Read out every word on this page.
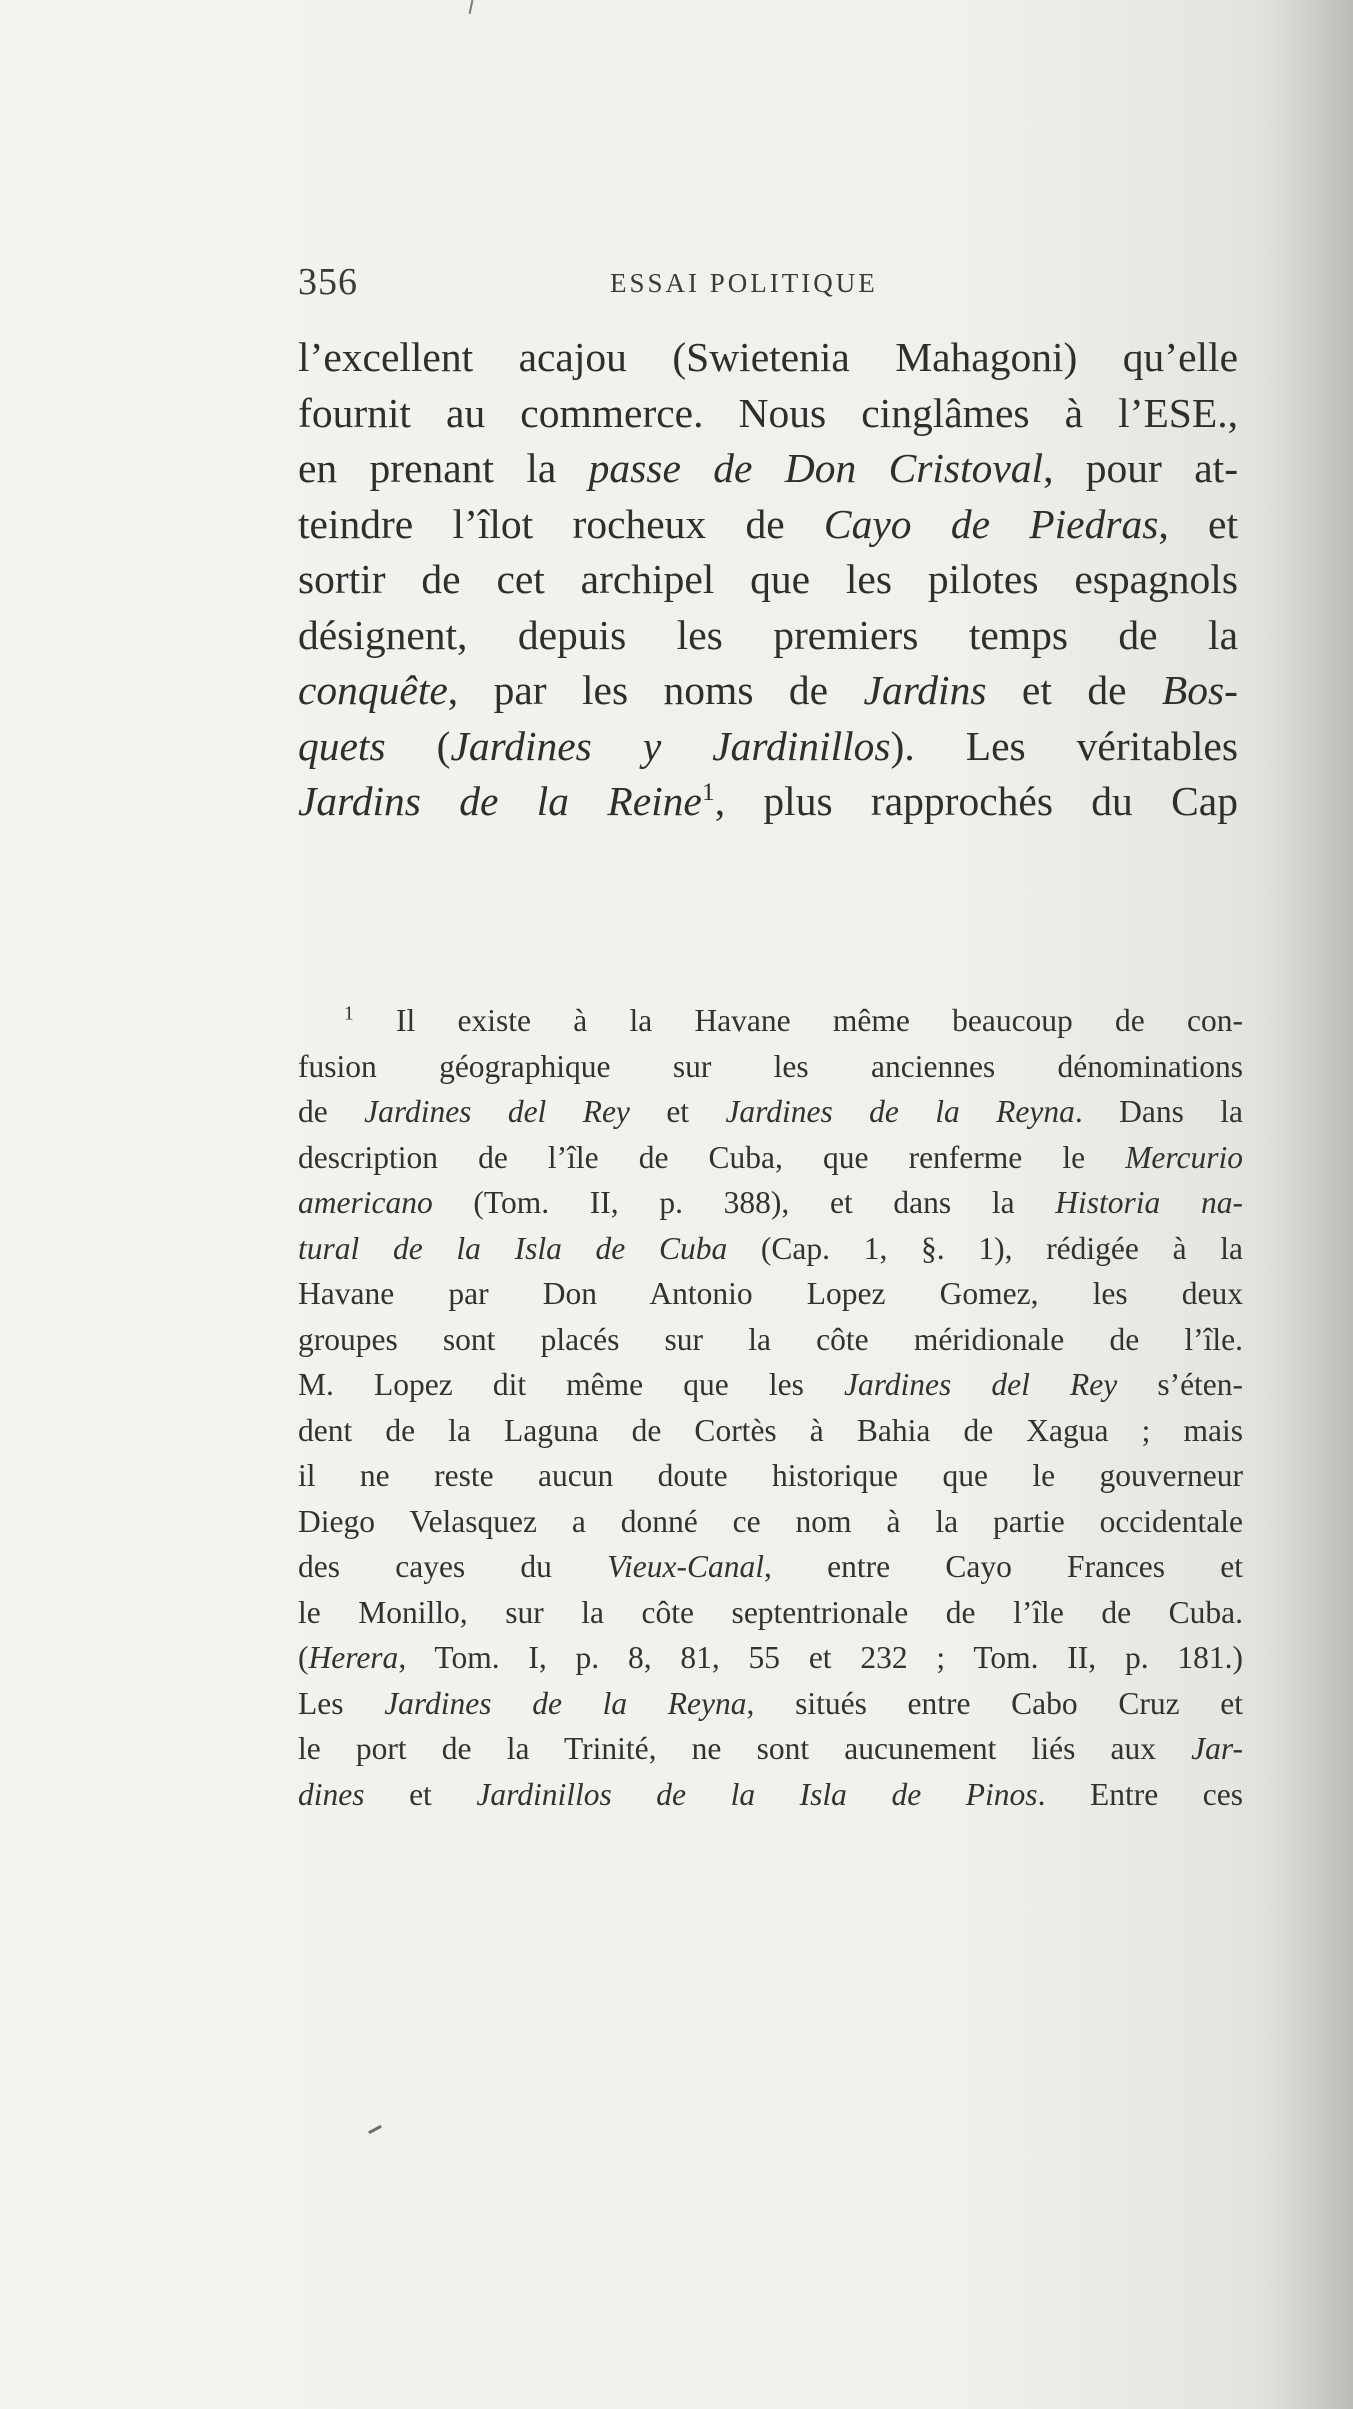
356	ESSAI POLITIQUE
l’excellent acajou (Swietenia Mahagoni) qu’elle
fournit au commerce. Nous cinglâmes à l’ESE.,
en prenant la passe de Don Cristoval, pour at-
teindre l’îlot rocheux de Cayo de Piedras, et
sortir de cet archipel que les pilotes espagnols
désignent, depuis les premiers temps de la
conquête, par les noms de Jardins et de Bos-
quets (Jardines y Jardinillos). Les véritables
Jardins de la Reine$^1$, plus rapprochés du Cap
$^1$ Il existe à la Havane même beaucoup de con-
fusion géographique sur les anciennes dénominations
de Jardines del Rey et Jardines de la Reyna. Dans la
description de l’île de Cuba, que renferme le Mercurio
americano (Tom. II, p. 388), et dans la Historia na-
tural de la Isla de Cuba (Cap. 1, §. 1), rédigée à la
Havane par Don Antonio Lopez Gomez, les deux
groupes sont placés sur la côte méridionale de l’île.
M. Lopez dit même que les Jardines del Rey s’éten-
dent de la Laguna de Cortès à Bahia de Xagua ; mais
il ne reste aucun doute historique que le gouverneur
Diego Velasquez a donné ce nom à la partie occidentale
des cayes du Vieux-Canal, entre Cayo Frances et
le Monillo, sur la côte septentrionale de l’île de Cuba.
(Herera, Tom. I, p. 8, 81, 55 et 232 ; Tom. II, p. 181.)
Les Jardines de la Reyna, situés entre Cabo Cruz et
le port de la Trinité, ne sont aucunement liés aux Jar-
dines et Jardinillos de la Isla de Pinos. Entre ces
